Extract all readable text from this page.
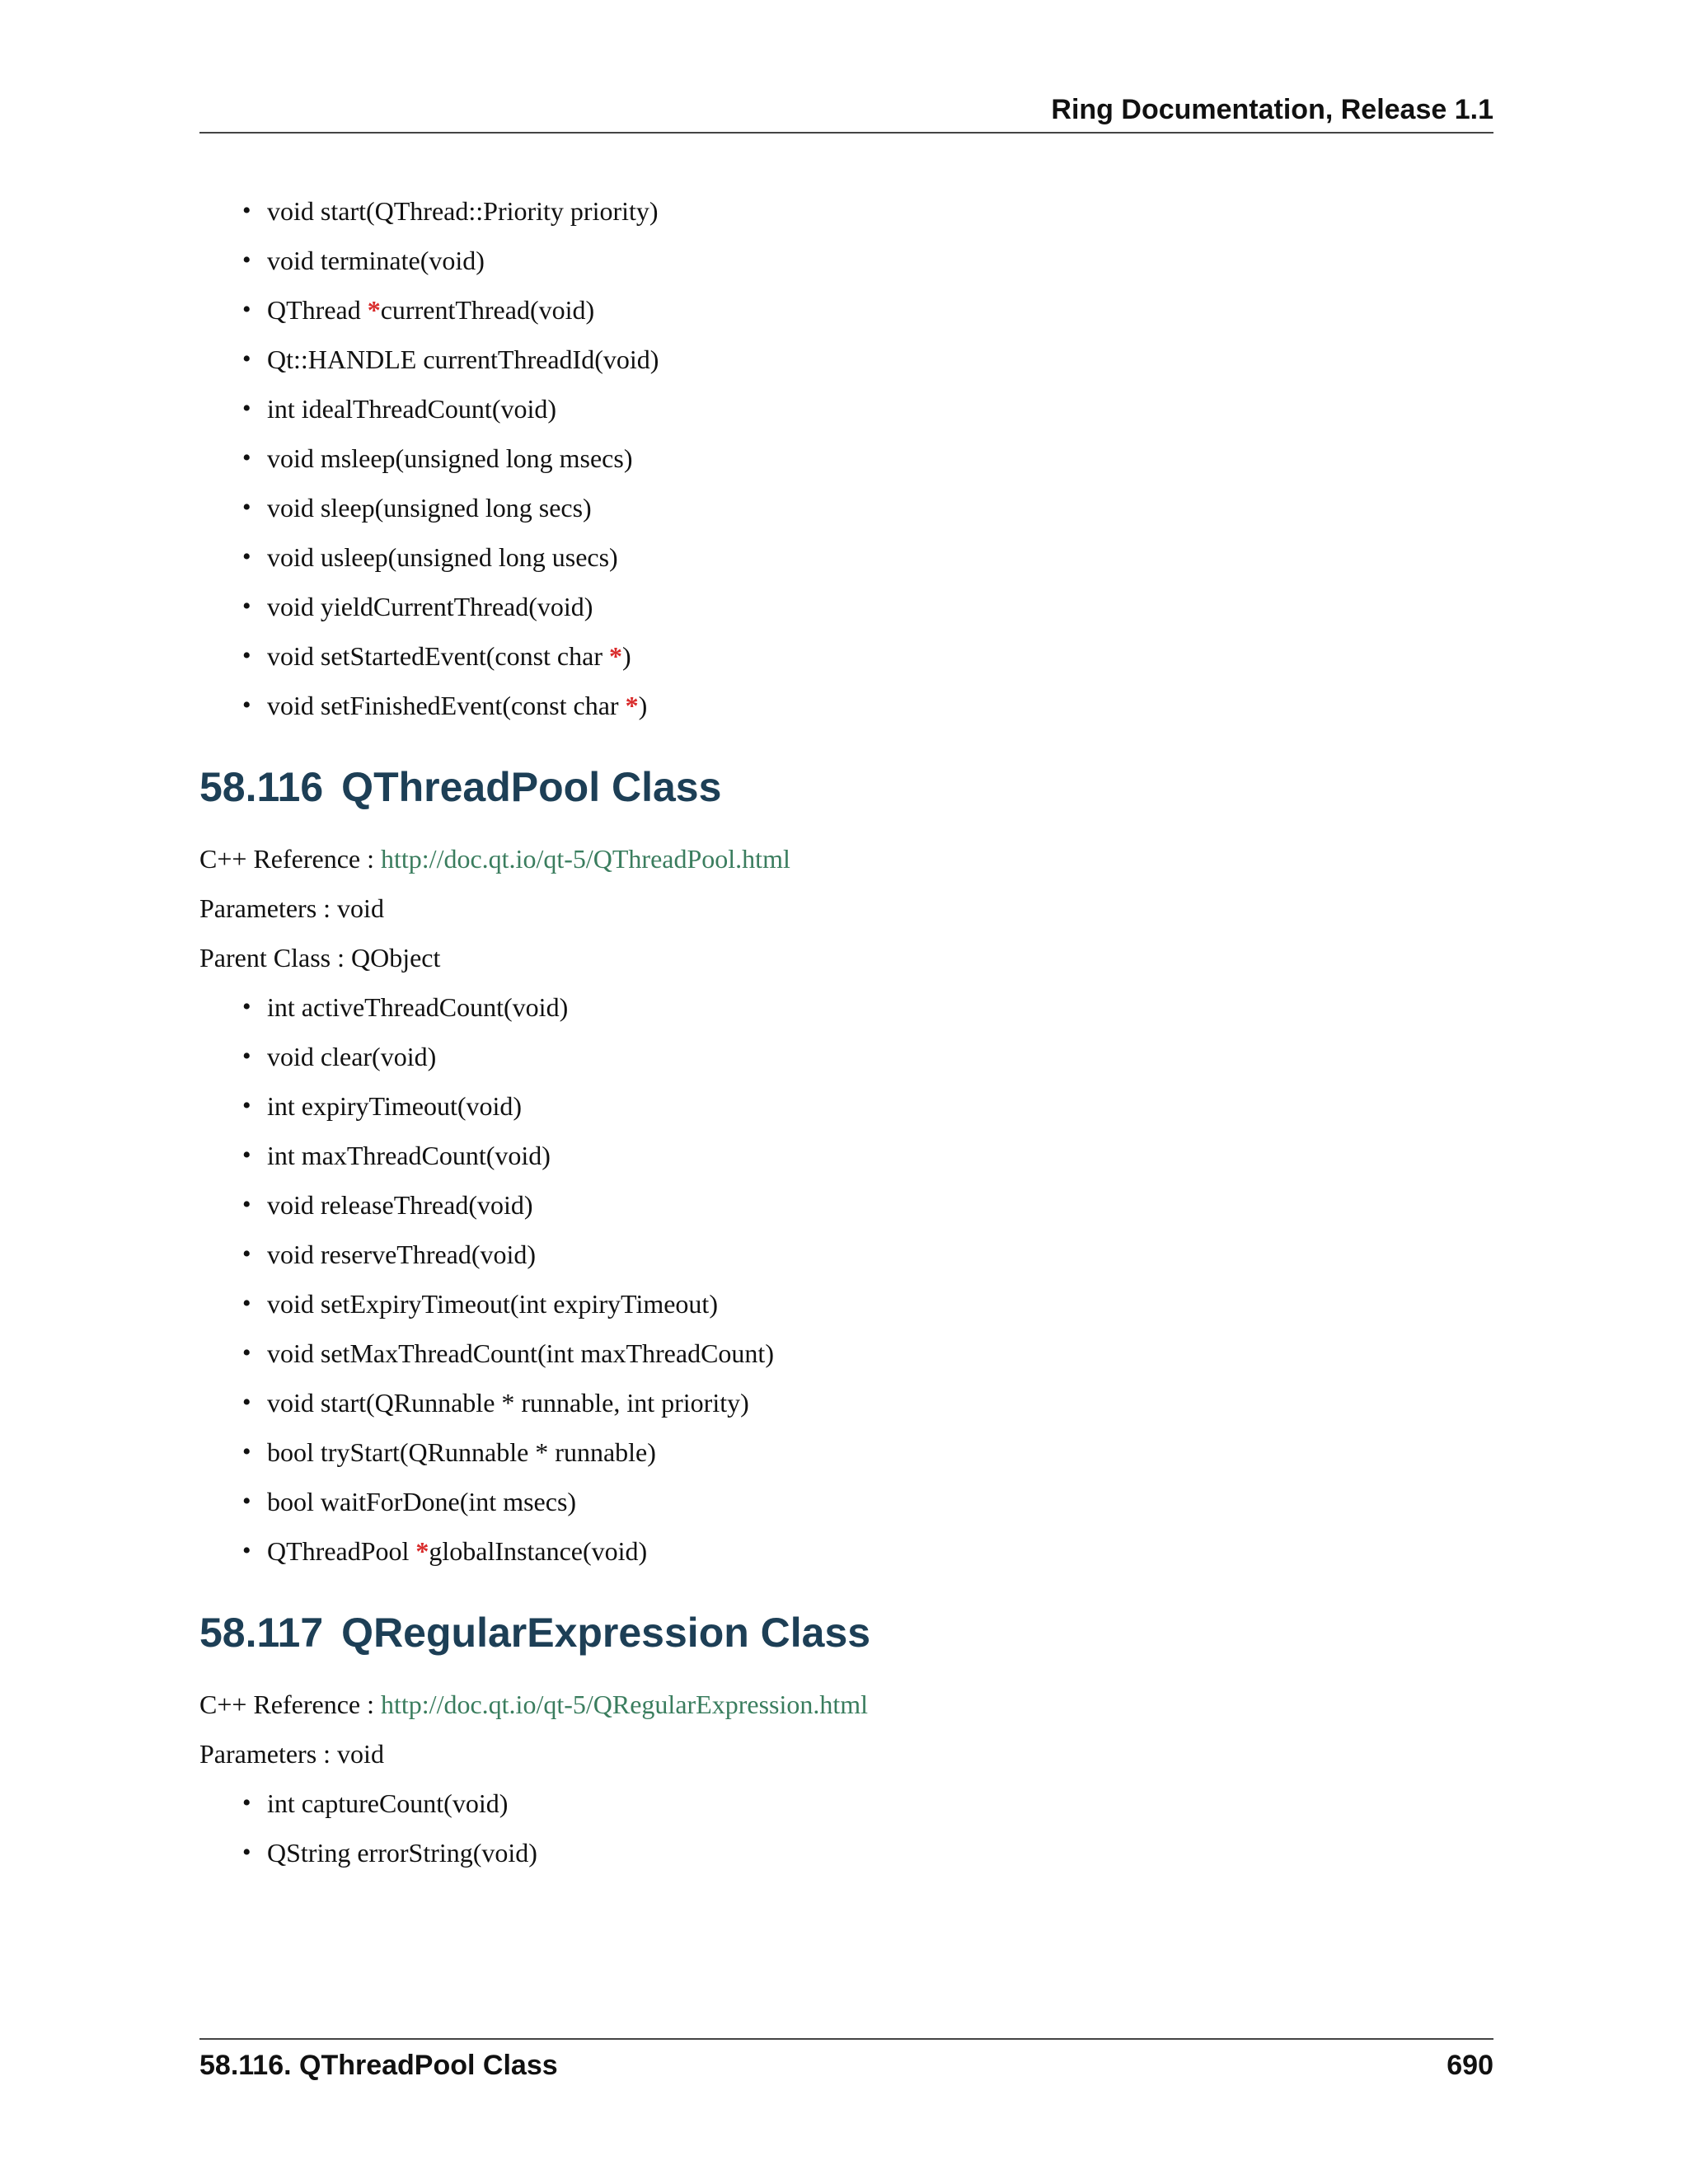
Ring Documentation, Release 1.1
• void start(QThread::Priority priority)
• void terminate(void)
• QThread *currentThread(void)
• Qt::HANDLE currentThreadId(void)
• int idealThreadCount(void)
• void msleep(unsigned long msecs)
• void sleep(unsigned long secs)
• void usleep(unsigned long usecs)
• void yieldCurrentThread(void)
• void setStartedEvent(const char *)
• void setFinishedEvent(const char *)
58.116 QThreadPool Class

C++ Reference : http://doc.qt.io/qt-5/QThreadPool.html

Parameters : void

Parent Class : QObject

• int activeThreadCount(void)
• void clear(void)
• int expiryTimeout(void)
• int maxThreadCount(void)
• void releaseThread(void)
• void reserveThread(void)
• void setExpiryTimeout(int expiryTimeout)
• void setMaxThreadCount(int maxThreadCount)
• void start(QRunnable * runnable, int priority)
• bool tryStart(QRunnable * runnable)
• bool waitForDone(int msecs)
• QThreadPool *globalInstance(void)
58.117 QRegularExpression Class

C++ Reference : http://doc.qt.io/qt-5/QRegularExpression.html

Parameters : void

• int captureCount(void)
• QString errorString(void)
58.116. QThreadPool Class	690
